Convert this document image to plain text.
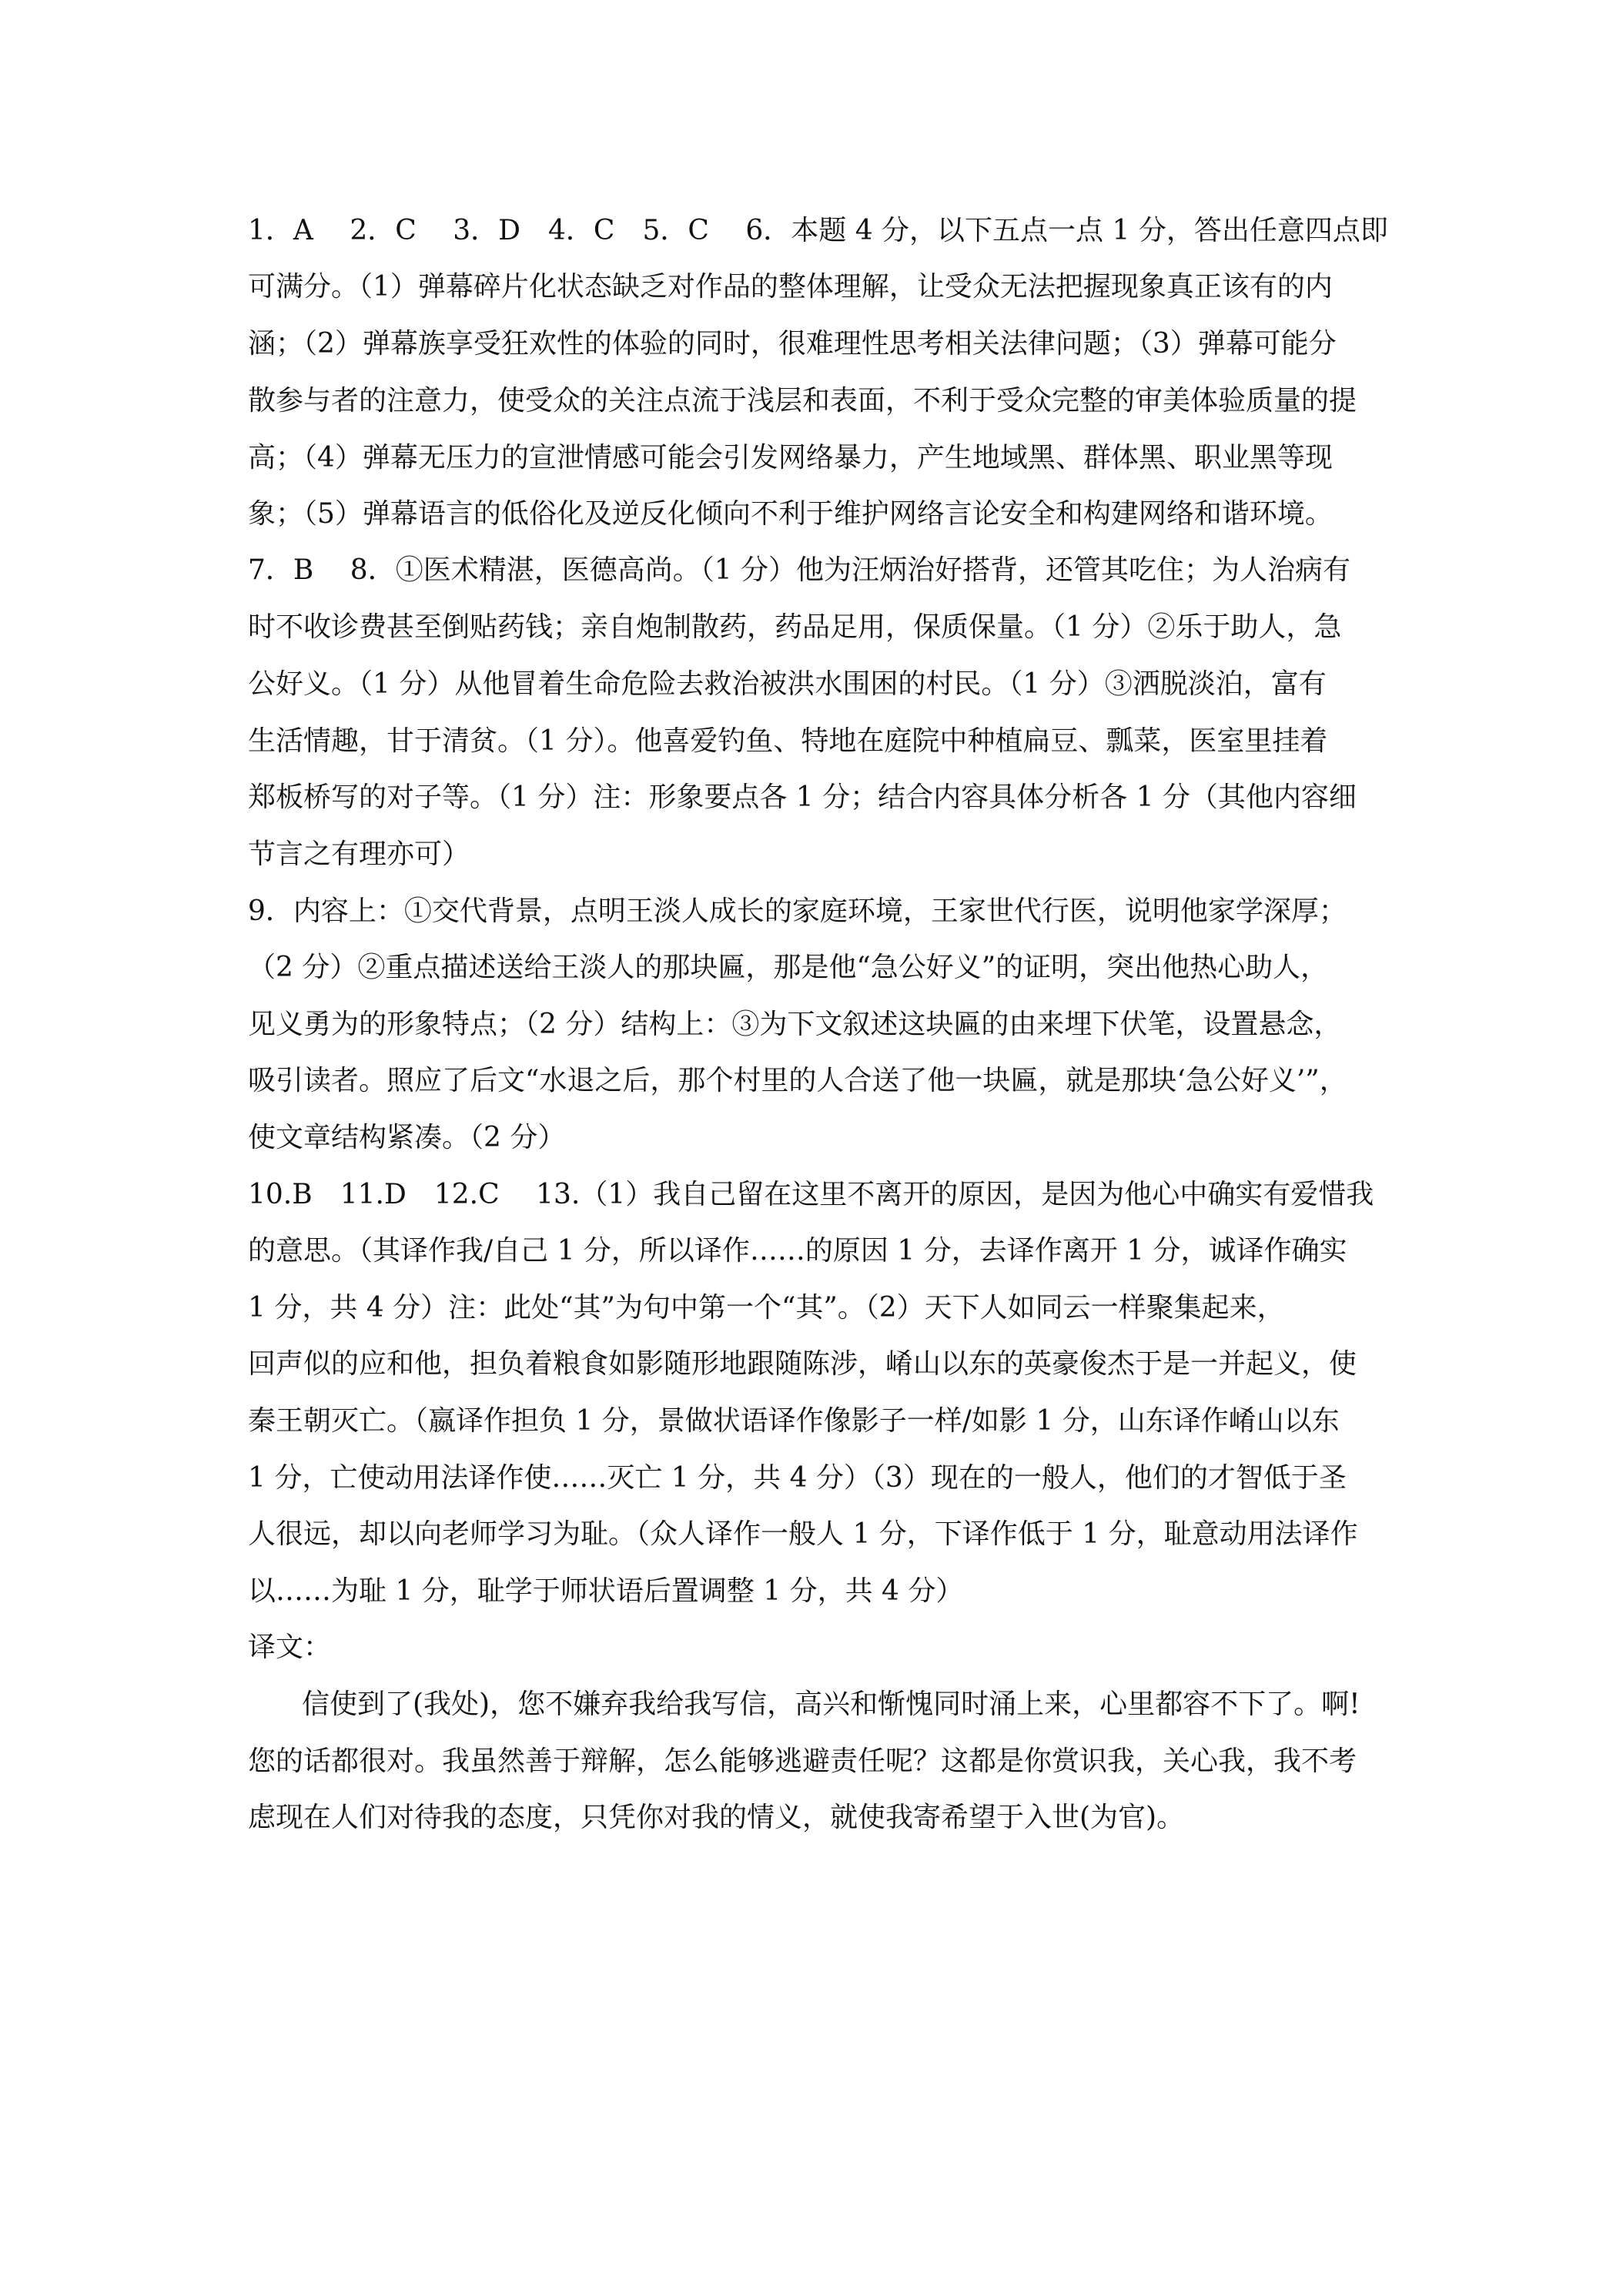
1．A　 2．C　 3．D　4．C　5．C　 6．本题 4 分，以下五点一点 1 分，答出任意四点即
可满分。（1）弹幕碎片化状态缺乏对作品的整体理解，让受众无法把握现象真正该有的内
涵；（2）弹幕族享受狂欢性的体验的同时，很难理性思考相关法律问题；（3）弹幕可能分
散参与者的注意力，使受众的关注点流于浅层和表面，不利于受众完整的审美体验质量的提
高；（4）弹幕无压力的宣泄情感可能会引发网络暴力，产生地域黑、群体黑、职业黑等现
象；（5）弹幕语言的低俗化及逆反化倾向不利于维护网络言论安全和构建网络和谐环境。
7．B　 8．①医术精湛，医德高尚。（1 分）他为汪炳治好搭背，还管其吃住；为人治病有
时不收诊费甚至倒贴药钱；亲自炮制散药，药品足用，保质保量。（1 分）②乐于助人，急
公好义。（1 分）从他冒着生命危险去救治被洪水围困的村民。（1 分）③洒脱淡泊，富有
生活情趣，甘于清贫。（1 分）。他喜爱钓鱼、特地在庭院中种植扁豆、瓢菜，医室里挂着
郑板桥写的对子等。（1 分）注：形象要点各 1 分；结合内容具体分析各 1 分（其他内容细
节言之有理亦可）
9．内容上：①交代背景，点明王淡人成长的家庭环境，王家世代行医，说明他家学深厚；
（2 分）②重点描述送给王淡人的那块匾，那是他“急公好义”的证明，突出他热心助人，
见义勇为的形象特点；（2 分）结构上：③为下文叙述这块匾的由来埋下伏笔，设置悬念，
吸引读者。照应了后文“水退之后，那个村里的人合送了他一块匾，就是那块‘急公好义’”，
使文章结构紧凑。（2 分）
10.B　11.D　12.C　 13.（1）我自己留在这里不离开的原因，是因为他心中确实有爱惜我
的意思。（其译作我/自己 1 分，所以译作……的原因 1 分，去译作离开 1 分，诚译作确实
1 分，共 4 分）注：此处“其”为句中第一个“其”。（2）天下人如同云一样聚集起来，
回声似的应和他，担负着粮食如影随形地跟随陈涉，崤山以东的英豪俊杰于是一并起义，使
秦王朝灭亡。（嬴译作担负 1 分，景做状语译作像影子一样/如影 1 分，山东译作崤山以东
1 分，亡使动用法译作使……灭亡 1 分，共 4 分）（3）现在的一般人，他们的才智低于圣
人很远，却以向老师学习为耻。（众人译作一般人 1 分，下译作低于 1 分，耻意动用法译作
以……为耻 1 分，耻学于师状语后置调整 1 分，共 4 分）
译文：
信使到了(我处)，您不嫌弃我给我写信，高兴和惭愧同时涌上来，心里都容不下了。啊!
您的话都很对。我虽然善于辩解，怎么能够逃避责任呢？这都是你赏识我，关心我，我不考
虑现在人们对待我的态度，只凭你对我的情义，就使我寄希望于入世(为官)。
